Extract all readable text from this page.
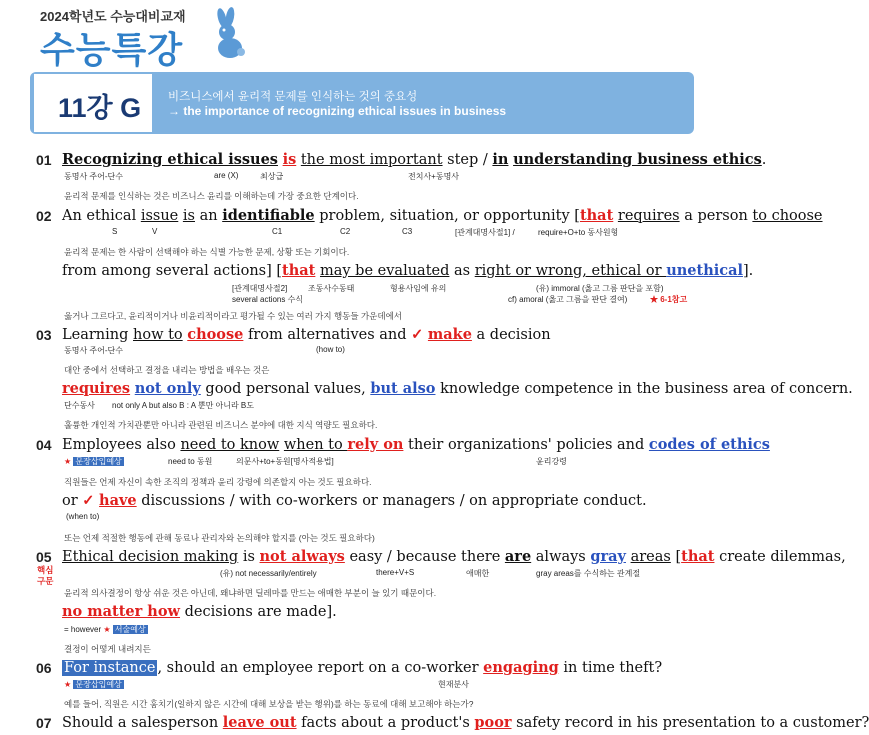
2024학년도 수능대비교재
수능특강
11강 G 비즈니스에서 윤리적 문제를 인식하는 것의 중요성
→ the importance of recognizing ethical issues in business
01 Recognizing ethical issues is the most important step / in understanding business ethics.
동명사 주어-단수	are (X)	최상급	전치사+동명사
윤리적 문제를 인식하는 것은 비즈니스 윤리를 이해하는데 가장 중요한 단계이다.
02 An ethical issue is an identifiable problem, situation, or opportunity [that requires a person to choose
S	V	C1	C2	C3	[관계대명사절1] /	require+O+to 동사원형
윤리적 문제는 한 사람이 선택해야 하는 식별 가능한 문제, 상황 또는 기회이다.
from among several actions] [that may be evaluated as right or wrong, ethical or unethical].
[관계대명사절2]	조동사수동태	형용사임에 유의	(유) immoral (옳고 그름 판단을 포함)
several actions 수식	cf) amoral (옳고 그름을 판단 결여)	★ 6-1참고
옳거나 그르다고, 윤리적이거나 비윤리적이라고 평가될 수 있는 여러 가지 행동들 가운데에서
03 Learning how to choose from alternatives and ✓ make a decision
동명사 주어-단수	(how to)
대안 중에서 선택하고 결정을 내리는 방법을 배우는 것은
requires not only good personal values, but also knowledge competence in the business area of concern.
단수동사 not only A but also B : A 뿐만 아니라 B도
훌륭한 개인적 가치관뿐만 아니라 관련된 비즈니스 분야에 대한 지식 역량도 필요하다.
04 Employees also need to know when to rely on their organizations' policies and codes of ethics
★ 문장삽입예상	need to 동원	의문사+to+동원[명사적용법]	윤리강령
직원들은 언제 자신이 속한 조직의 정책과 윤리 강령에 의존할지 아는 것도 필요하다.
or ✓ have discussions / with co-workers or managers / on appropriate conduct.
(when to)
또는 언제 적절한 행동에 관해 동료나 관리자와 논의해야 할지를 (아는 것도 필요하다)
05
핵심
구문
Ethical decision making is not always easy / because there are always gray areas [that create dilemmas,
(유) not necessarily/entirely	there+V+S	애매한	gray areas를 수식하는 관계절
윤리적 의사결정이 항상 쉬운 것은 아닌데, 왜냐하면 딜레마를 만드는 애매한 부분이 늘 있기 때문이다.
no matter how decisions are made].
= however ★ 서술예상
결정이 어떻게 내려지든
06 For instance , should an employee report on a co-worker engaging in time theft?
★ 문장삽입예상	현재분사
예를 들어, 직원은 시간 훔치기(일하지 않은 시간에 대해 보상을 받는 행위)를 하는 동료에 대해 보고해야 하는가?
07 Should a salesperson leave out facts about a product's poor safety record in his presentation to a customer?
